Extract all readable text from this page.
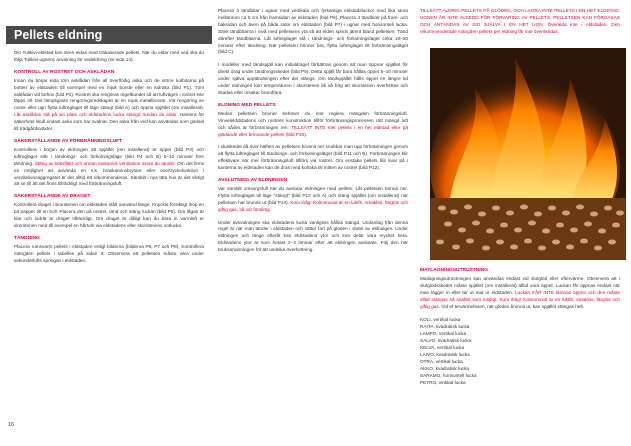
Pellets eldning

Din Tulikivi-eldstad kan även eldas med träbaserade pellets. När du eldar med ved ska du följa Tulikivi-ugnens anvisning för vedeldning (se sida 14).

KONTROLL AV ROSTRET OCH ASKLÅDAN

Innan du börjar elda töm asklådan från all överflödig aska och de större kolbitarna på botten av eldstaden till exempel med en mjuk borste eller en kolraka (bild P1). Töm asklådan vid behov (bild P2). Rostret ska rengöras regelbundet så att luftvägen i rostret inte täpps till. Det lämpligaste rengöringsredskapet är en mjuk metallborste. Vid rengöring av roster eller ugn flytta luftreglaget till läge stängt (bild A) och öppna spjället (om installerat). Låt asklådan stå på sin plats och eldstadens lucka stängd medan du eldar. Hantera för säkerhets skull endast aska som har svalnat. Den aska från ved kan användas som gödsel till trädgårdsväxter.

SÄKERSTÄLLANDE AV FÖRBRÄNNINGSLUFT

Kontrollera i början av eldningen att spjället (om installerat) är öppet (bild P3) och luftreglaget står i tändnings- och förkolningsläge (bild P4 och B) 5–10 minuter före tändning. Stäng av köksfläkt och annan mekanisk ventilation innan du tänder. Om det finns en möjlighet att använda en s.k. braskaminsbrytare eller övertrycksfunktion i ventilationsaggregatet är det alltid ett rekommenderas. Särskilt i nya täta hus är det viktigt att se till att det finns tillräckligt med förbränningsluft.

SÄKERSTÄLLANDE AV DRAGET

Kontrollera draget i skorstenen om eldstaden stått oanvänd länge. Knyckla försiktigt ihop en bit papper till en boll. Placera den på rostret, tänd och stäng luckan (bild P5). Om lågan är klar och lodrät är draget tillräckligt. Om draget är dåligt kan du bära in varmluft er skorstenen med till exempel en hårtork via eldstadens eller skorstenens sotlucka.

TÄNDNING

Placera rumsvarm pellets i eldstaden enligt bilderna (bilderna P6, P7 och P8). Kontrollera mängden pellets i tabellen på sidan 3. Observera att pelletsen måste vara under sekundärlufts springan i eldstaden.

Placera 3 tändbitar i ugnar med vertikala och fyrkantiga eldstadsluckor med lika stora mellanrum ca 5 cm från framsidan av eldstaden (bild P6). Placera 4 tändbitar på fram- och baksidan och även på båda sidor om eldstaden (bild P7) i ugnar med horisontell lucka. Sänk tändbitarna i nivå med pelletsens yta så att elden sprids jämnt bland pelletsen. Tänd därefter tändbitarna. Låt luftreglaget stå i tändnings- och förkolningsläget cirka 10–20 minuter efter tändning. När pelletsen brinner bra, flytta luftreglaget till förbränningsläget (bild C).

I modeller med tändspjäll kan initialdraget förbättras genom att man öppnar spjället för direkt drag under tändningsskedet (bild P9). Detta spjäll får bara hållas öppet 5–10 minuter under själva upptändningen efter det stängs. Om tändspjället hålls öppet en längre tid under eldningen kan temperaturen i skorstenen bli så hög att skorstenen överhettas och skadas eller orsakar brandfara.

ELDNING MED PELLETS

Medan pelletsen brinner behöver du inte reglera mängden förbränningsluft. Vinvelelddstadens och rostrets konstruktion tillför förbränningsprocessen rätt mängd luft och sådes är förbränningen ren. TILLSÄTT INTE mer pellets i en het eldstad eller på glödande eller brinnande pellets (bild P10).

I slutskedet då över hälften av pelletsen brunnit ner snabbar man upp förbränningen genom att flytta luftreglaget till tändnings- och förkolningsläget (bild P11 och B). Förbränningen blir effektivare när mer förbränningsluft tillförs via rostret. Om enstaka pellets blir kvar på i kanterna av eldstaden kan de dras med kolraka till mitten av rostret (bild P12).

AVSLUTNING AV ELDNINGEN

Var särskilt omsorgsfull när du avslutar eldningen med pellets. Låt pelletsen brinna ner. Flytta luftreglaget till läge "stängt" (bild P13 och A) och stäng spjället (om installerat) när pelletsen har brunnit ut (bild P14). Kom ihåg! Kolmonoxid är en luktfri, smaklös, färglös och giftig gas, så var försiktig.

Under avsvalningen ska eldstadens lucka vanligtvis hållas stängd. Undantag från denna regel är när man tänder i eldstaden och sätter fart på glöden i slutet av eldningen. Under eldningen och länge efteråt kan eldstadens ytor och inre delar vara mycket heta. Eldstadens ytor är som hetast 2–3 timmar efter att eldningen avslutats. Följ den här bruksanvisningen för att undvika överhettning.

TILLSÄTT ALDRIG PELLETS PÅ GLÖDEN, OCH LAGRA INTE PELLETS I EN HET ELDSTAD. UGNEN ÄR INTE AVSEDD FÖR FÖRVARING AV PELLETS. PELLETSEN KAN FÖRGASAS OCH ANTÄNDAS AV SIG SJÄLVA I EN HET UGN. Överalda inte i eldstaden. Den rekommenderade mängden pellets per eldning får inte överskridas.

MATLAGNINGSUTRUSTNING

Matlagningsutrustningen kan användas endast vid slutglöd eller eftervärme. Observera att i slutglödsskedet måste spjället (om installerat) alltid vara öppet. Luckan får öppnas endast när man lägger in eller tar ut mat ur eldstaden. Luckan FÅR INTE lämnas öppen och den måste alltid stängas så snabbt som möjligt. Kom ihåg! Kolmonoxid är en luktfri, smaklös, färglös och giftig gas. Vid ef tervärmefasen, när glöden brunnit ut, kan spjället stängas helt.

KOLI, vertikal lucka
RAITA, kvadratisk lucka
LAMPO, vertikal lucka
SALVO, kvadratisk lucka
KELVA, vertikal lucka
LAIVO, kvadratisk lucka
OTRA, vertikal lucka
AKKO, kvadratisk lucka
SARAMO, horisontell lucka
PETRO, vinklad lucka
16
